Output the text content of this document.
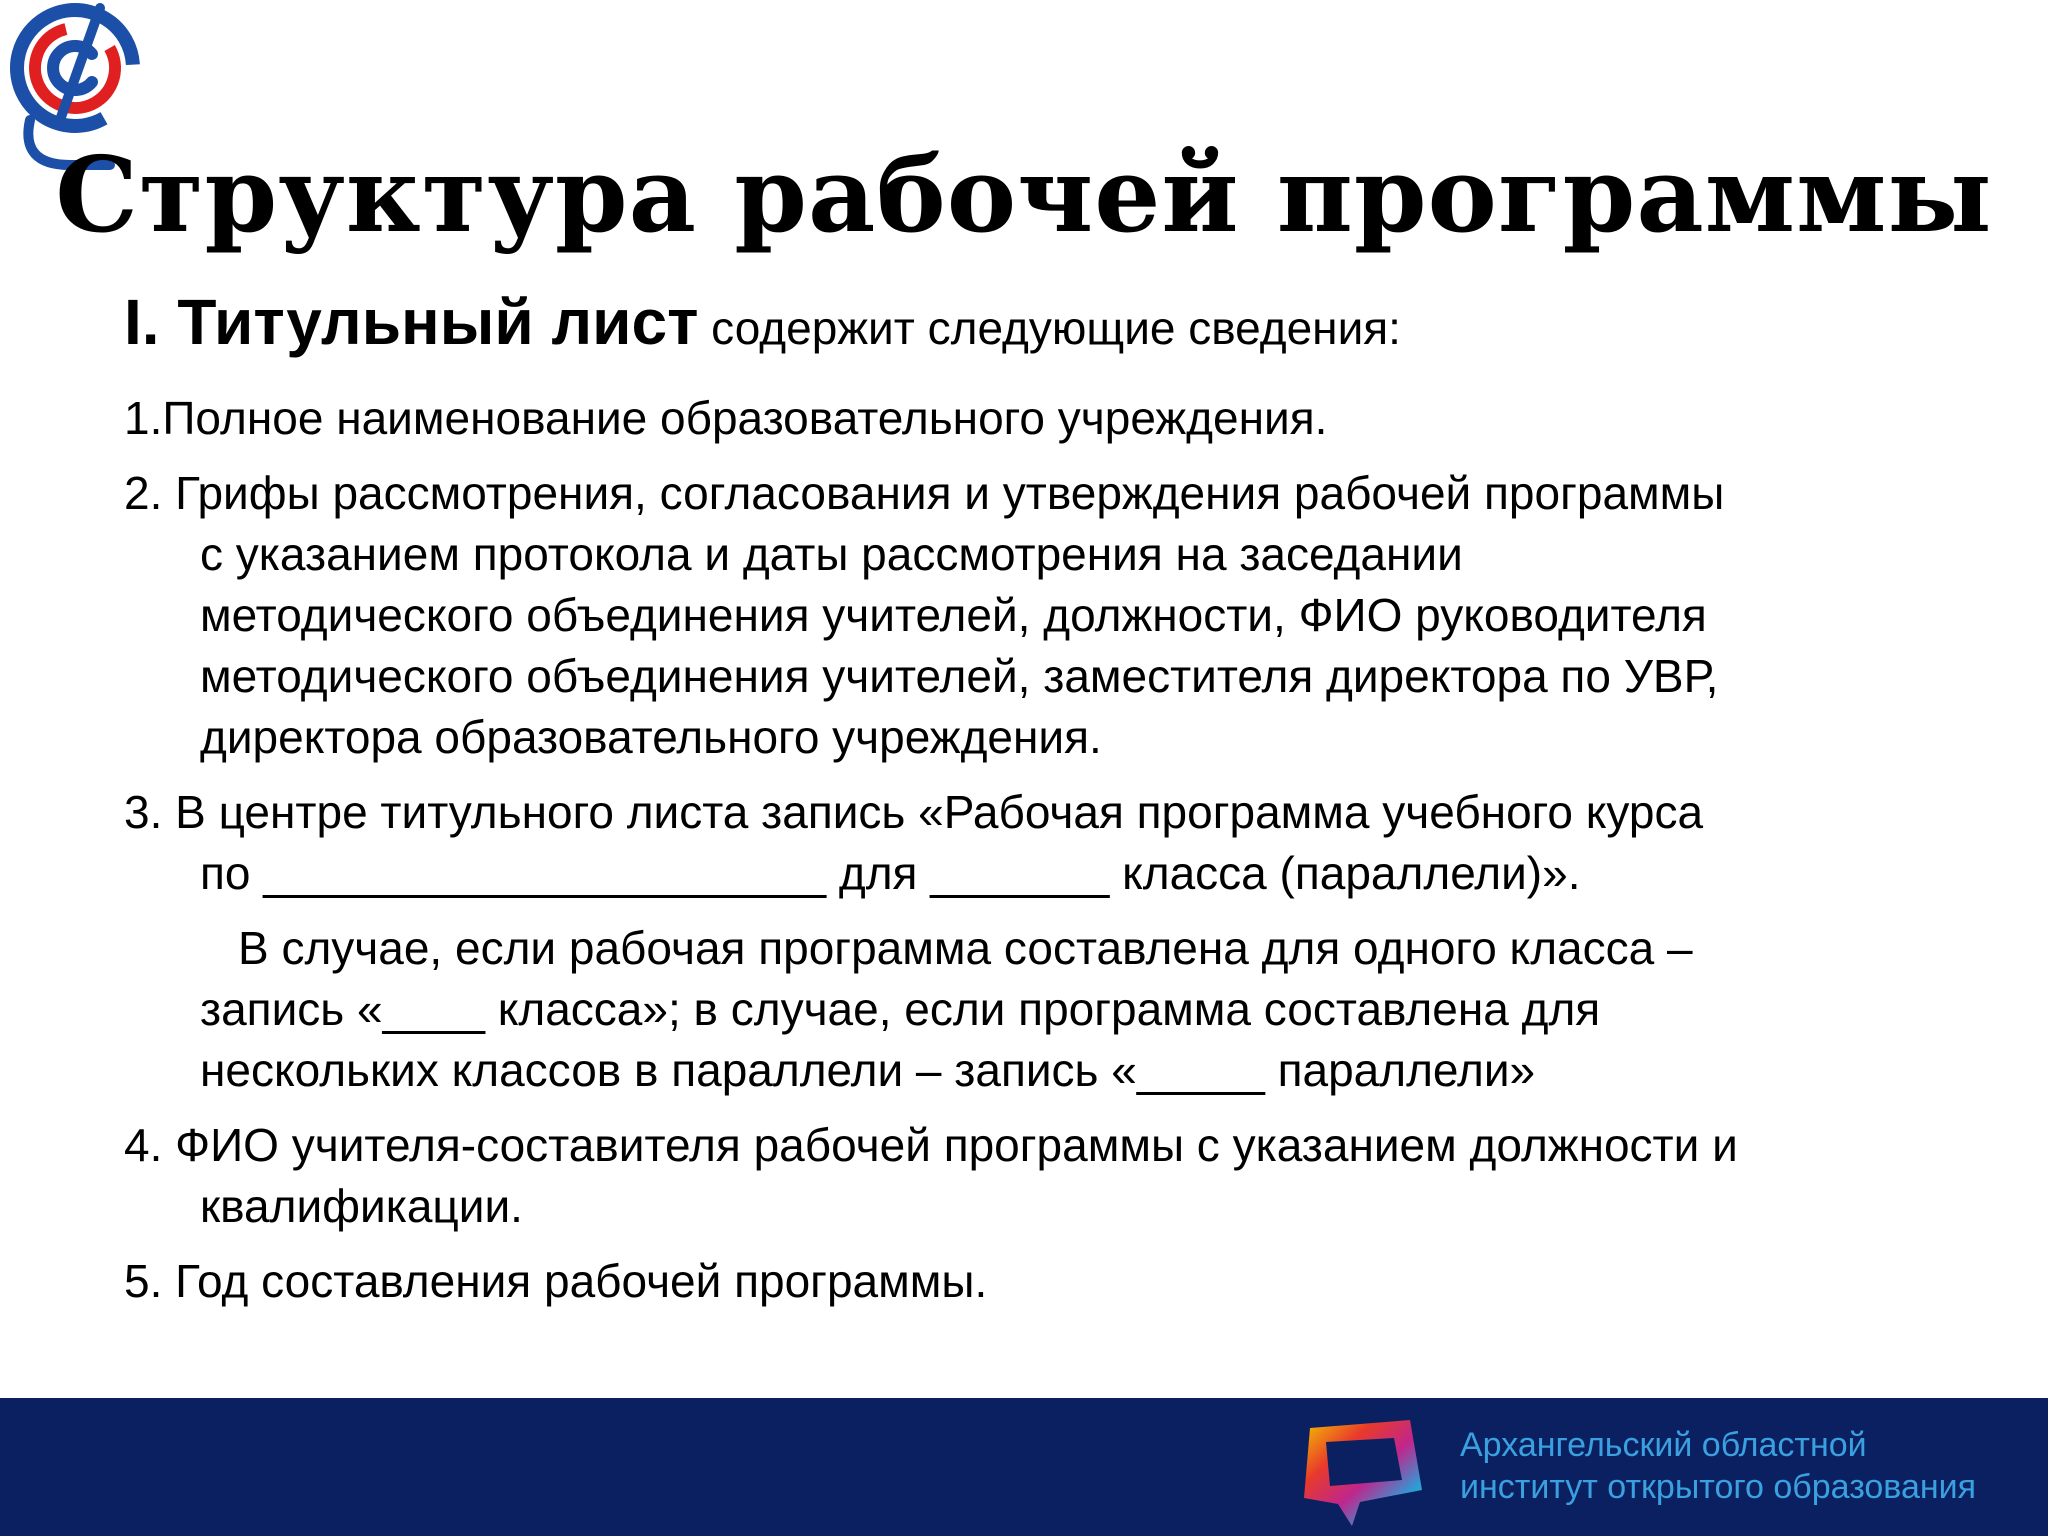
Структура рабочей программы
I. Титульный лист содержит следующие сведения:
1.Полное наименование образовательного учреждения.
2. Грифы рассмотрения, согласования и утверждения рабочей программы
с указанием протокола и даты рассмотрения на заседании
методического объединения учителей, должности, ФИО руководителя
методического объединения учителей, заместителя директора по УВР,
директора образовательного учреждения.
3. В центре титульного листа запись «Рабочая программа учебного курса
по ______________________ для _______ класса (параллели)».
В случае, если рабочая программа составлена для одного класса –
запись «____ класса»; в случае, если программа составлена для
нескольких классов в параллели – запись «_____ параллели»
4. ФИО учителя-составителя рабочей программы с указанием должности и
квалификации.
5. Год составления рабочей программы.
Архангельский областной
институт открытого образования
